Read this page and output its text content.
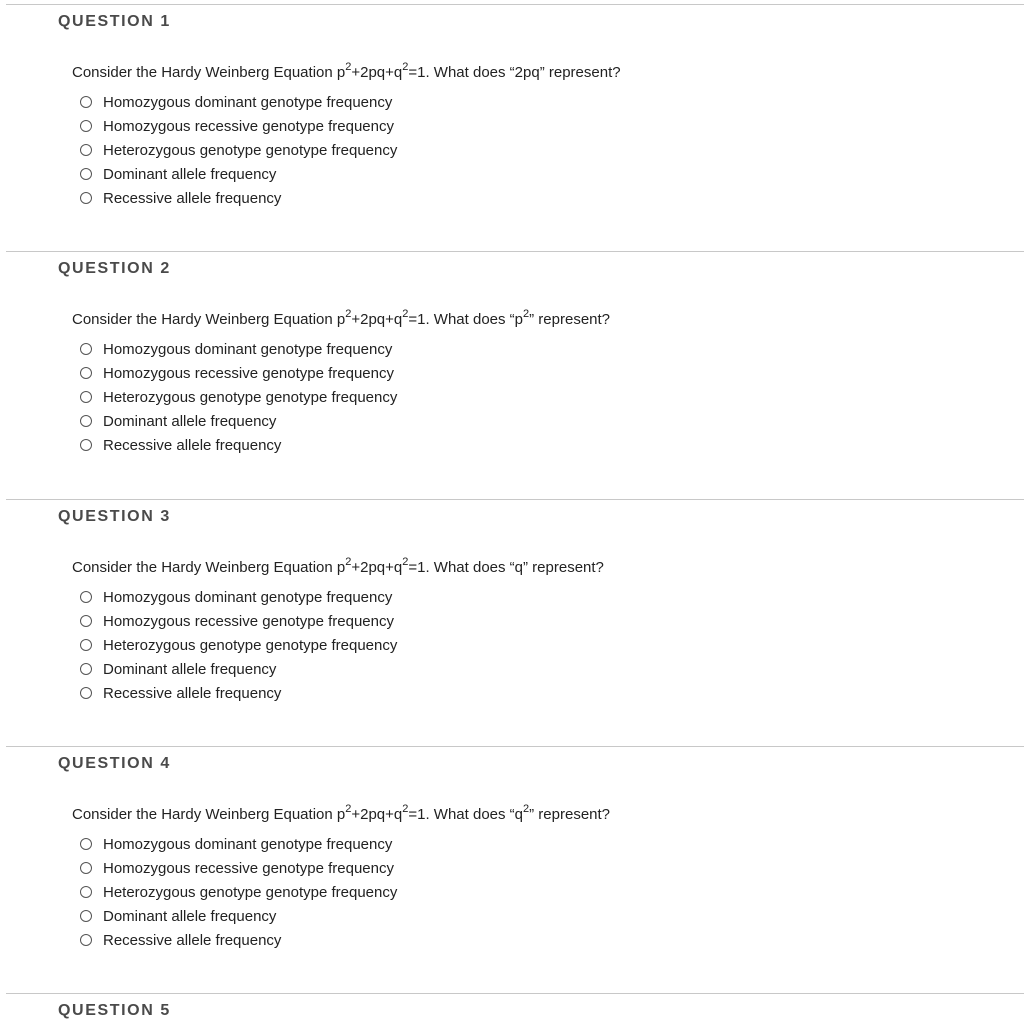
QUESTION 1
Consider the Hardy Weinberg Equation $p^2+2pq+q^2=1$. What does “2pq” represent?
Homozygous dominant genotype frequency
Homozygous recessive genotype frequency
Heterozygous genotype genotype frequency
Dominant allele frequency
Recessive allele frequency
QUESTION 2
Consider the Hardy Weinberg Equation $p^2+2pq+q^2=1$. What does “$p^2$” represent?
Homozygous dominant genotype frequency
Homozygous recessive genotype frequency
Heterozygous genotype genotype frequency
Dominant allele frequency
Recessive allele frequency
QUESTION 3
Consider the Hardy Weinberg Equation $p^2+2pq+q^2=1$. What does “q” represent?
Homozygous dominant genotype frequency
Homozygous recessive genotype frequency
Heterozygous genotype genotype frequency
Dominant allele frequency
Recessive allele frequency
QUESTION 4
Consider the Hardy Weinberg Equation $p^2+2pq+q^2=1$. What does “$q^2$” represent?
Homozygous dominant genotype frequency
Homozygous recessive genotype frequency
Heterozygous genotype genotype frequency
Dominant allele frequency
Recessive allele frequency
QUESTION 5
